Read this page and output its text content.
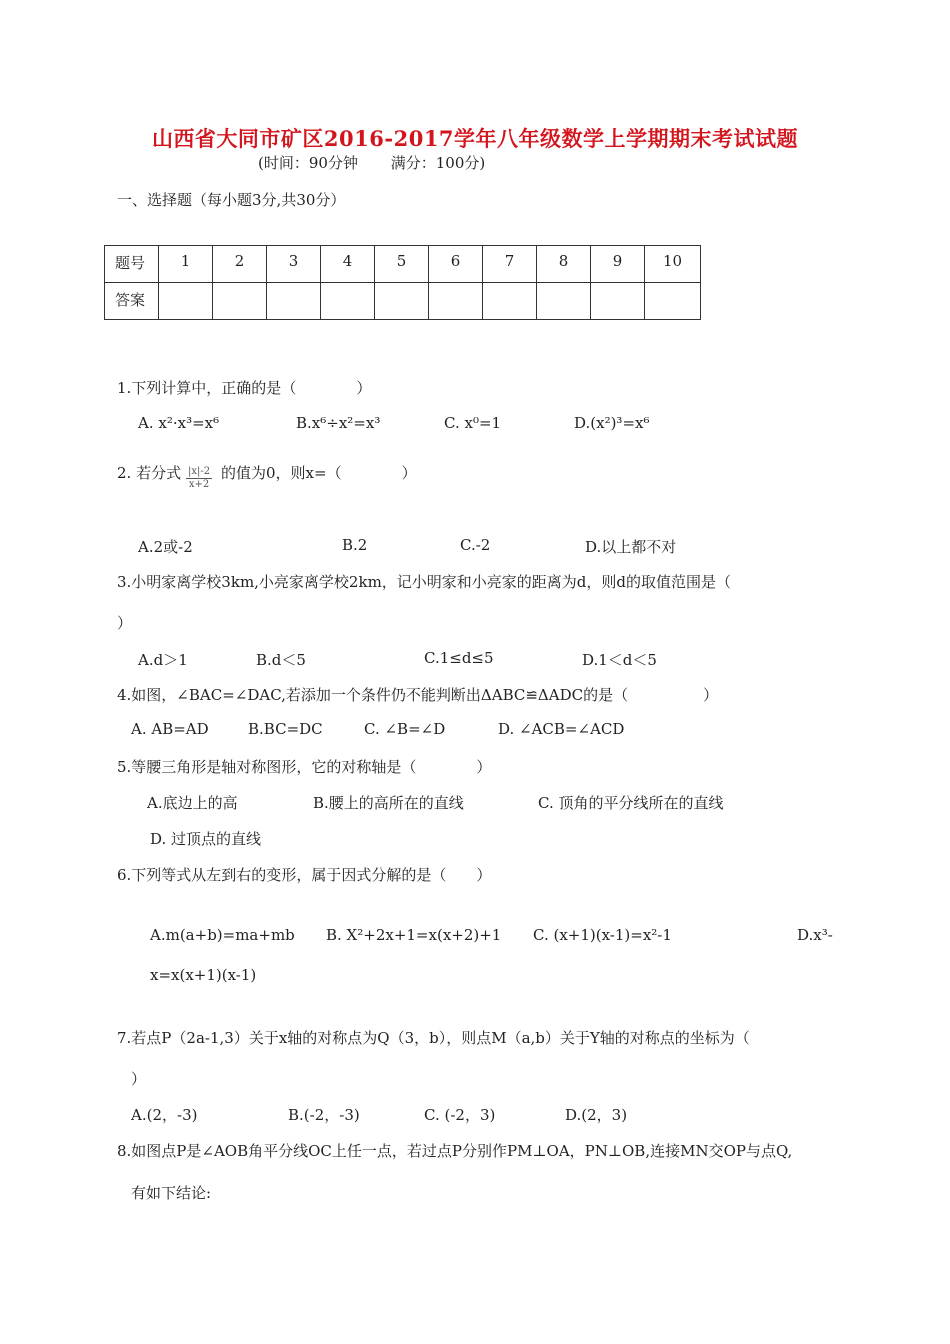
山西省大同市矿区2016-2017学年八年级数学上学期期末考试试题
(时间：90分钟 满分：100分)
一、选择题（每小题3分,共30分）
题号	1	2	3	4	5	6	7	8	9	10
答案										
1.下列计算中，正确的是（　　　　）
A. x²·x³=x⁶	B.x⁶÷x²=x³	C. x⁰=1	D.(x²)³=x⁶
2. 若分式 $\frac{|x|-2}{x+2}$ 的值为0，则x=（　　　　）
A.2或-2	B.2	C.-2	D.以上都不对
3.小明家离学校3km,小亮家离学校2km，记小明家和小亮家的距离为d，则d的取值范围是（
）
A.d＞1	B.d＜5	C.1≤d≤5	D.1＜d＜5
4.如图，∠BAC=∠DAC,若添加一个条件仍不能判断出ΔABC≌ΔADC的是（　　　　　）
A. AB=AD	B.BC=DC	C. ∠B=∠D	D. ∠ACB=∠ACD
5.等腰三角形是轴对称图形，它的对称轴是（　　　　）
A.底边上的高	B.腰上的高所在的直线	C. 顶角的平分线所在的直线
D. 过顶点的直线
6.下列等式从左到右的变形，属于因式分解的是（　　）
A.m(a+b)=ma+mb B. X²+2x+1=x(x+2)+1 C. (x+1)(x-1)=x²-1	D.x³-
x=x(x+1)(x-1)
7.若点P（2a-1,3）关于x轴的对称点为Q（3，b），则点M（a,b）关于Y轴的对称点的坐标为（
）
A.(2，-3)	B.(-2，-3)	C. (-2，3)	D.(2，3)
8.如图点P是∠AOB角平分线OC上任一点，若过点P分别作PM⊥OA，PN⊥OB,连接MN交OP与点Q,
有如下结论:
